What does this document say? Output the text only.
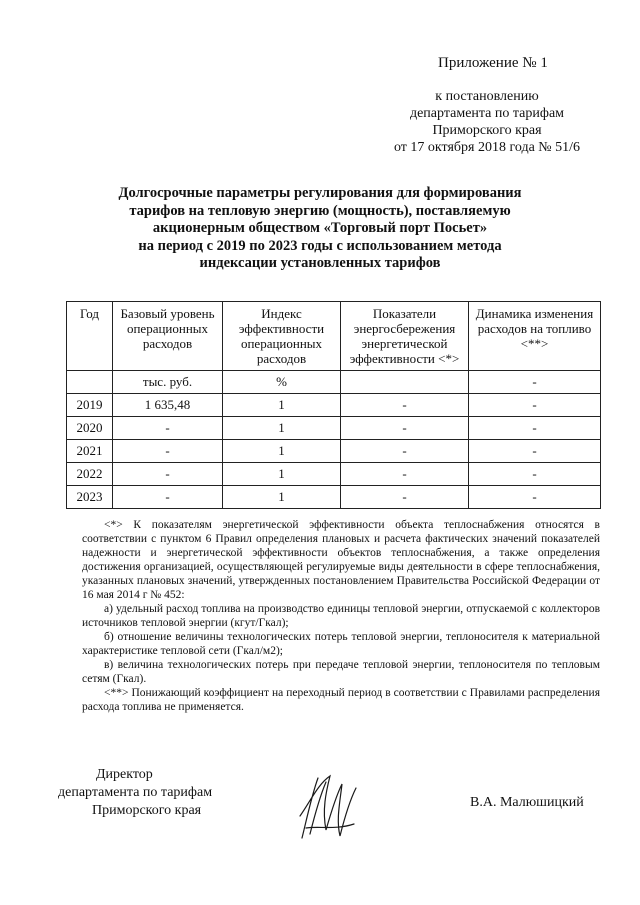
Приложение № 1
к постановлению
департамента по тарифам
Приморского края
от 17 октября 2018 года № 51/6
Долгосрочные параметры регулирования для формирования
тарифов на тепловую энергию (мощность), поставляемую
акционерным обществом «Торговый порт Посьет»
на период с 2019 по 2023 годы с использованием метода
индексации установленных тарифов
Год	Базовый уровень операционных расходов	Индекс эффективности операционных расходов	Показатели энергосбережения энергетической эффективности <*>	Динамика изменения расходов на топливо <**>
	тыс. руб.	%		-
2019	1 635,48	1	-	-
2020	-	1	-	-
2021	-	1	-	-
2022	-	1	-	-
2023	-	1	-	-

<*> К показателям энергетической эффективности объекта теплоснабжения относятся в соответствии с пунктом 6 Правил определения плановых и расчета фактических значений показателей надежности и энергетической эффективности объектов теплоснабжения, а также определения достижения организацией, осуществляющей регулируемые виды деятельности в сфере теплоснабжения, указанных плановых значений, утвержденных постановлением Правительства Российской Федерации от 16 мая 2014 г № 452:

а) удельный расход топлива на производство единицы тепловой энергии, отпускаемой с коллекторов источников тепловой энергии (кгут/Гкал);

б) отношение величины технологических потерь тепловой энергии, теплоносителя к материальной характеристике тепловой сети (Гкал/м2);

в) величина технологических потерь при передаче тепловой энергии, теплоносителя по тепловым сетям (Гкал).

<**> Понижающий коэффициент на переходный период в соответствии с Правилами распределения расхода топлива не применяется.

Директор
департамента по тарифам
Приморского края
В.А. Малюшицкий
